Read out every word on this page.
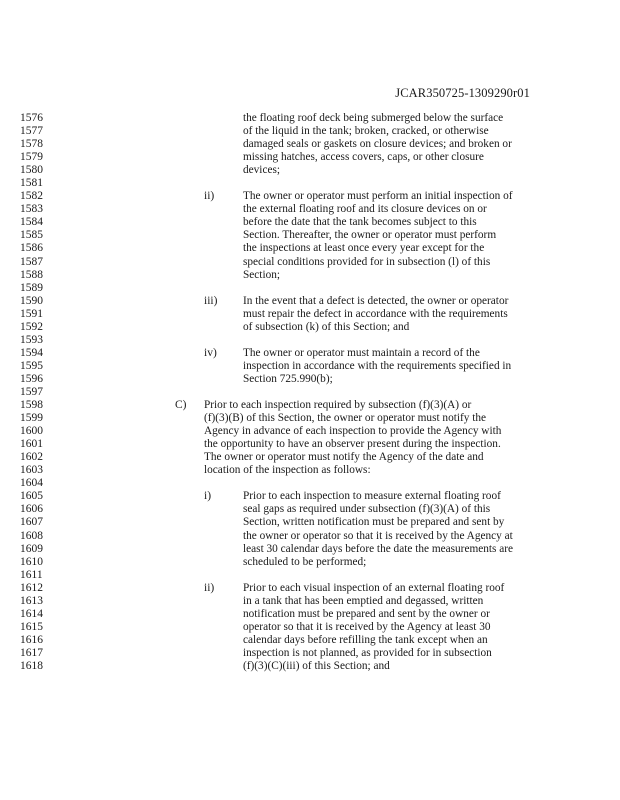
JCAR350725-1309290r01
1576	the floating roof deck being submerged below the surface
1577	of the liquid in the tank; broken, cracked, or otherwise
1578	damaged seals or gaskets on closure devices; and broken or
1579	missing hatches, access covers, caps, or other closure
1580	devices;
1581
1582	ii)	The owner or operator must perform an initial inspection of
1583	the external floating roof and its closure devices on or
1584	before the date that the tank becomes subject to this
1585	Section. Thereafter, the owner or operator must perform
1586	the inspections at least once every year except for the
1587	special conditions provided for in subsection (l) of this
1588	Section;
1589
1590	iii) In the event that a defect is detected, the owner or operator
1591	must repair the defect in accordance with the requirements
1592	of subsection (k) of this Section; and
1593
1594	iv) The owner or operator must maintain a record of the
1595	inspection in accordance with the requirements specified in
1596	Section 725.990(b);
1597
1598	C) Prior to each inspection required by subsection (f)(3)(A) or
1599	(f)(3)(B) of this Section, the owner or operator must notify the
1600	Agency in advance of each inspection to provide the Agency with
1601	the opportunity to have an observer present during the inspection.
1602	The owner or operator must notify the Agency of the date and
1603	location of the inspection as follows:
1604
1605	i)	Prior to each inspection to measure external floating roof
1606	seal gaps as required under subsection (f)(3)(A) of this
1607	Section, written notification must be prepared and sent by
1608	the owner or operator so that it is received by the Agency at
1609	least 30 calendar days before the date the measurements are
1610	scheduled to be performed;
1611
1612	ii)	Prior to each visual inspection of an external floating roof
1613	in a tank that has been emptied and degassed, written
1614	notification must be prepared and sent by the owner or
1615	operator so that it is received by the Agency at least 30
1616	calendar days before refilling the tank except when an
1617	inspection is not planned, as provided for in subsection
1618	(f)(3)(C)(iii) of this Section; and
